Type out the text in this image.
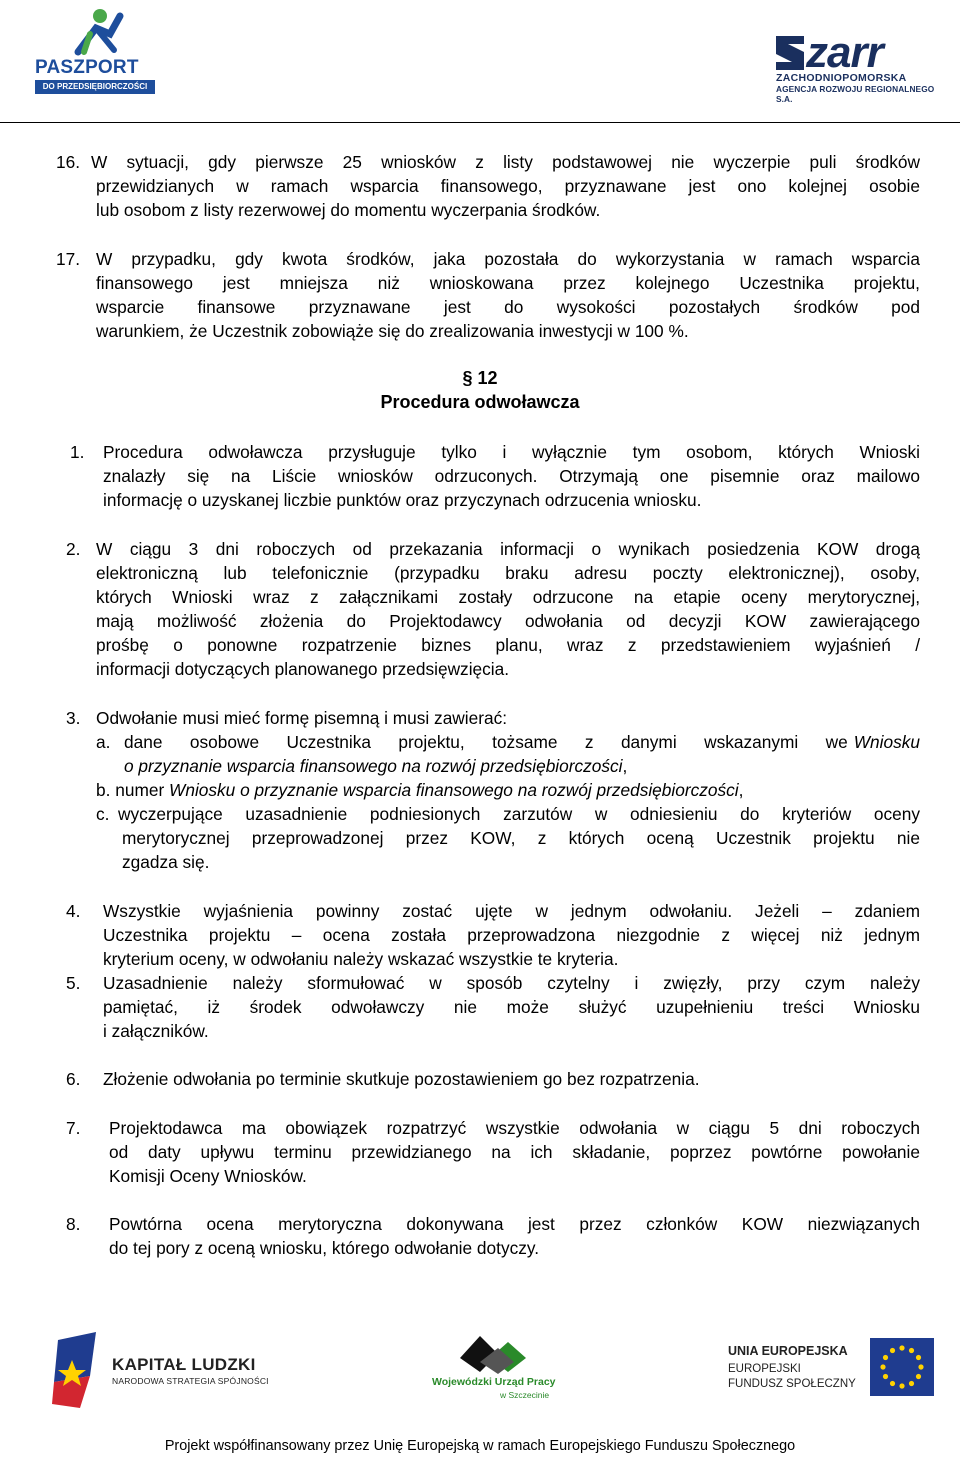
PASZPORT
DO PRZEDSIĘBIORCZOŚCI
zarr
ZACHODNIOPOMORSKA
AGENCJA ROZWOJU REGIONALNEGO S.A.
16. W sytuacji, gdy pierwsze 25 wniosków z listy podstawowej nie wyczerpie puli środków
przewidzianych w ramach wsparcia finansowego, przyznawane jest ono kolejnej osobie
lub osobom z listy rezerwowej do momentu wyczerpania środków.
17. W przypadku, gdy kwota środków, jaka pozostała do wykorzystania w ramach wsparcia
finansowego jest mniejsza niż wnioskowana przez kolejnego Uczestnika projektu,
wsparcie finansowe przyznawane jest do wysokości pozostałych środków pod
warunkiem, że Uczestnik zobowiąże się do zrealizowania inwestycji w 100 %.
§ 12
Procedura odwoławcza
1. Procedura odwoławcza przysługuje tylko i wyłącznie tym osobom, których Wnioski
znalazły się na Liście wniosków odrzuconych. Otrzymają one pisemnie oraz mailowo
informację o uzyskanej liczbie punktów oraz przyczynach odrzucenia wniosku.
2. W ciągu 3 dni roboczych od przekazania informacji o wynikach posiedzenia KOW drogą
elektroniczną lub telefonicznie (przypadku braku adresu poczty elektronicznej), osoby,
których Wnioski wraz z załącznikami zostały odrzucone na etapie oceny merytorycznej,
mają możliwość złożenia do Projektodawcy odwołania od decyzji KOW zawierającego
prośbę o ponowne rozpatrzenie biznes planu, wraz z przedstawieniem wyjaśnień /
informacji dotyczących planowanego przedsięwzięcia.
3. Odwołanie musi mieć formę pisemną i musi zawierać:
a. dane osobowe Uczestnika projektu, tożsame z danymi wskazanymi we Wniosku
o przyznanie wsparcia finansowego na rozwój przedsiębiorczości,
b. numer Wniosku o przyznanie wsparcia finansowego na rozwój przedsiębiorczości,
c. wyczerpujące uzasadnienie podniesionych zarzutów w odniesieniu do kryteriów oceny
merytorycznej przeprowadzonej przez KOW, z których oceną Uczestnik projektu nie
zgadza się.
4. Wszystkie wyjaśnienia powinny zostać ujęte w jednym odwołaniu. Jeżeli – zdaniem
Uczestnika projektu – ocena została przeprowadzona niezgodnie z więcej niż jednym
kryterium oceny, w odwołaniu należy wskazać wszystkie te kryteria.
5. Uzasadnienie należy sformułować w sposób czytelny i zwięzły, przy czym należy
pamiętać, iż środek odwoławczy nie może służyć uzupełnieniu treści Wniosku
i załączników.
6. Złożenie odwołania po terminie skutkuje pozostawieniem go bez rozpatrzenia.
7. Projektodawca ma obowiązek rozpatrzyć wszystkie odwołania w ciągu 5 dni roboczych
od daty upływu terminu przewidzianego na ich składanie, poprzez powtórne powołanie
Komisji Oceny Wniosków.
8. Powtórna ocena merytoryczna dokonywana jest przez członków KOW niezwiązanych
do tej pory z oceną wniosku, którego odwołanie dotyczy.
KAPITAŁ LUDZKI
NARODOWA STRATEGIA SPÓJNOŚCI	Wojewódzki Urząd Pracy
w Szczecinie
UNIA EUROPEJSKA
EUROPEJSKI
FUNDUSZ SPOŁECZNY
Projekt współfinansowany przez Unię Europejską w ramach Europejskiego Funduszu Społecznego
